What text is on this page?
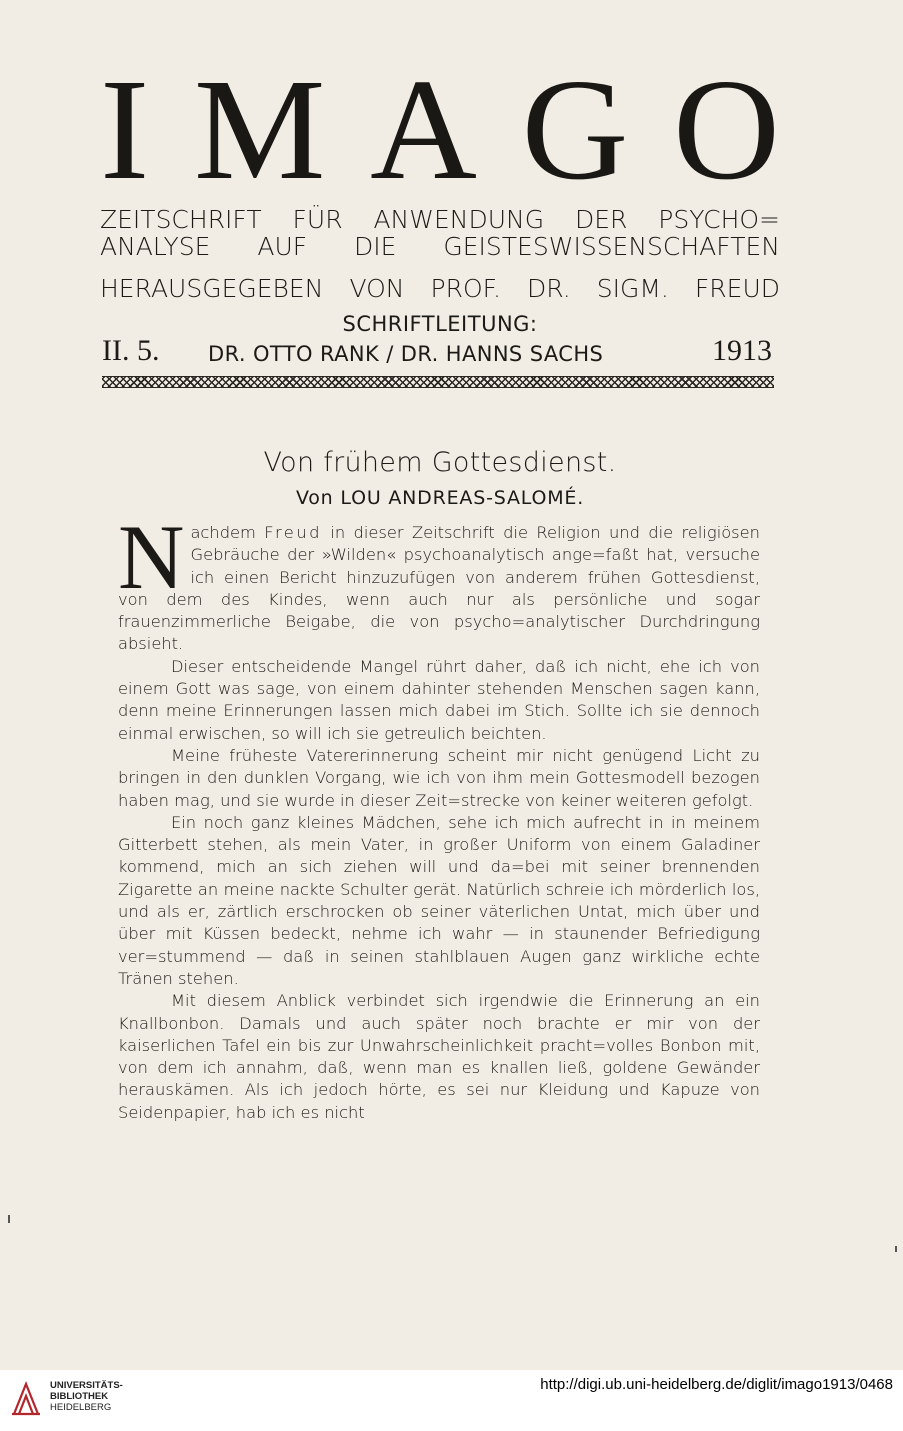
I M A G O
ZEITSCHRIFT FÜR ANWENDUNG DER PSYCHO=
ANALYSE AUF DIE GEISTESWISSENSCHAFTEN
HERAUSGEGEBEN VON PROF. DR. SIGM. FREUD
SCHRIFTLEITUNG:
II. 5. DR. OTTO RANK / DR. HANNS SACHS	1913
Von frühem Gottesdienst.
Von LOU ANDREAS-SALOMÉ.

Nachdem Freud in dieser Zeitschrift die Religion und die religiösen Gebräuche der »Wilden« psychoanalytisch ange=faßt hat, versuche ich einen Bericht hinzuzufügen von anderem frühen Gottesdienst, von dem des Kindes, wenn auch nur als persönliche und sogar frauenzimmerliche Beigabe, die von psycho=analytischer Durchdringung absieht.

Dieser entscheidende Mangel rührt daher, daß ich nicht, ehe ich von einem Gott was sage, von einem dahinter stehenden Menschen sagen kann, denn meine Erinnerungen lassen mich dabei im Stich. Sollte ich sie dennoch einmal erwischen, so will ich sie getreulich beichten.

Meine früheste Vatererinnerung scheint mir nicht genügend Licht zu bringen in den dunklen Vorgang, wie ich von ihm mein Gottesmodell bezogen haben mag, und sie wurde in dieser Zeit=strecke von keiner weiteren gefolgt.

Ein noch ganz kleines Mädchen, sehe ich mich aufrecht in in meinem Gitterbett stehen, als mein Vater, in großer Uniform von einem Galadiner kommend, mich an sich ziehen will und da=bei mit seiner brennenden Zigarette an meine nackte Schulter gerät. Natürlich schreie ich mörderlich los, und als er, zärtlich erschrocken ob seiner väterlichen Untat, mich über und über mit Küssen bedeckt, nehme ich wahr — in staunender Befriedigung ver=stummend — daß in seinen stahlblauen Augen ganz wirkliche echte Tränen stehen.

Mit diesem Anblick verbindet sich irgendwie die Erinnerung an ein Knallbonbon. Damals und auch später noch brachte er mir von der kaiserlichen Tafel ein bis zur Unwahrscheinlichkeit pracht=volles Bonbon mit, von dem ich annahm, daß, wenn man es knallen ließ, goldene Gewänder herauskämen. Als ich jedoch hörte, es sei nur Kleidung und Kapuze von Seidenpapier, hab ich es nicht

UNIVERSITÄTS-
BIBLIOTHEK
HEIDELBERG
http://digi.ub.uni-heidelberg.de/diglit/imago1913/0468
